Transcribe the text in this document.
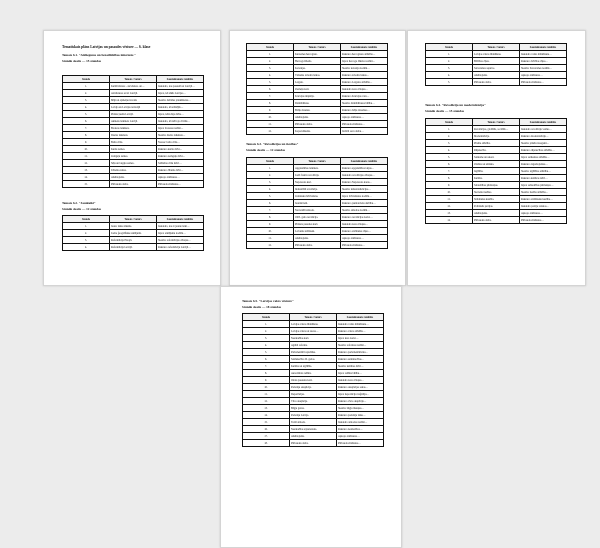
Tematiskais plāns Latvijas un pasaules vēsture — 6. klase
Temats 6.1. "Aizliegums un bezatlīdzības informāc."
Stundu skaits — 15 stundas
Stunda	Temats / Saturs	Sasniedzamais rezultāts
1.	Kultūrvēsture - aizvēsture. un…	Izskaidro, kas pasaulē un Latvijā…
2.	Aizvēstures avoti Latvijā.	Izprot, kā sākās Latvijas…
3.	Māji un apmetņu izveide	Skaidro dažādus priekšmetus…
4.	Latvija un Latvijas teritorijā	Izskaidro, kā attīstījās…
5.	Pirmie ļaudis Latvijā.	Izprot, kāda bija dzīve…
6.	Akmens laikmets Latvijā.	Izskaidro, kā dzīvoja cilvēki…
7.	Bronzas laikmets.	Izprot bronzas nozīmi…
8.	Dzelzs laikmets.	Skaidro dzelzs laikmeta…
9.	Baltu ciltis.	Nosauc baltu ciltis…
10.	Kuršu zemes.	Raksturo kuršu dzīvi…
11.	Zemgaļu zemes.	Raksturo zemgaļu dzīvi…
12.	Sēļu un latgaļu zemes.	Salīdzina cilšu dzīvi…
13.	Lībiešu zemes.	Raksturo lībiešu dzīvi…
14.	Atkārtojums.	Apkopo zināšanas…
15.	Pārbaudes darbs.	Pārbauda zināšanas…
Temats 6.2. "Jaunlaiki"
Stundu skaits — 12 stundas
Stunda	Temats / Saturs	Sasniedzamais rezultāts
1.	Jauno laiku sākums.	Izskaidro, kas ir jaunie laiki…
2.	Lielie ģeogrāfiskie atklājumi.	Izprot atklājumu nozīmi…
3.	Reformācija Eiropā.	Skaidro reformācijas cēloņus…
4.	Reformācija Latvijā.	Raksturo reformāciju Latvijā…
Stunda	Temats / Saturs	Sasniedzamais rezultāts
1.	Kurzemes hercogiste.	Raksturo hercogistes attīstību…
2.	Hercogs Jēkabs.	Izprot hercoga Jēkaba nozīmi…
3.	Kolonijas.	Skaidro koloniju nozīmi…
4.	Vidzeme zviedru laikos.	Raksturo zviedru laikus…
5.	Latgale.	Raksturo Latgales attīstību…
6.	Ziemeļu karš.	Izskaidro kara cēloņus…
7.	Krievijas impērija.	Raksturo Krievijas varu…
8.	Dzimtbūšana.	Skaidro dzimtbūšanas būtību…
9.	Brāļu draudze.	Raksturo brāļu draudzes…
10.	Atkārtojums.	Apkopo zināšanas…
11.	Pārbaudes darbs.	Pārbauda zināšanas…
12.	Kopsavilkums.	Izvērtē savu darbu…
Temats 6.3. "Revolūcijas un tiesības"
Stundu skaits — 12 stundas
Stunda	Temats / Saturs	Sasniedzamais rezultāts
1.	Apgaismības laikmets.	Raksturo apgaismības idejas…
2.	Lielā franču revolūcija.	Izskaidro revolūcijas cēloņus…
3.	Napoleona kari.	Raksturo Napoleona karus…
4.	Industriālā revolūcija.	Skaidro industrializācijas…
5.	Zemnieku brīvlaišana.	Izprot brīvlaišanas nozīmi…
6.	Jaunlatvieši.	Raksturo jaunlatviešu darbību…
7.	Nacionālā atmoda.	Skaidro atmodas nozīmi…
8.	1905. gada revolūcija.	Raksturo revolūcijas norisi…
9.	Pirmais pasaules karš.	Izskaidro kara cēloņus…
10.	Latviešu strēlnieki.	Raksturo strēlnieku cīņas…
11.	Atkārtojums.	Apkopo zināšanas…
12.	Pārbaudes darbs.	Pārbauda zināšanas…
Stunda	Temats / Saturs	Sasniedzamais rezultāts
1.	Latvijas valsts dibināšana.	Izskaidro valsts dibināšanu…
2.	Brīvības cīņas.	Raksturo brīvības cīņas…
3.	Satversmes sapulce.	Skaidro Satversmes nozīmi…
4.	Atkārtojums.	Apkopo zināšanas…
5.	Pārbaudes darbs.	Pārbauda zināšanas…
Temats 6.4. "Revolūcija un modernizācija"
Stundu skaits — 15 stundas
Stunda	Temats / Saturs	Sasniedzamais rezultāts
1.	Revolūcijas, globālās, sociālās…	Izskaidro revolūciju veidus…
2.	Modernizācija.	Raksturo modernizāciju…
3.	Pilsētu attīstība.	Skaidro pilsētu izaugsmi…
4.	Rūpniecība.	Raksturo rūpniecības attīstību…
5.	Satiksme un sakari.	Izprot satiksmes attīstību…
6.	Zinātne un tehnika.	Raksturo izgudrojumus…
7.	Izglītība.	Skaidro izglītības attīstību…
8.	Kultūra.	Raksturo kultūras dzīvi…
9.	Sabiedrības pārmaiņas.	Izprot sabiedrības pārmaiņas…
10.	Sieviešu tiesības.	Skaidro tiesību attīstību…
11.	Strādnieku kustība.	Raksturo strādnieku kustību…
12.	Politiskās partijas.	Izskaidro partiju rašanos…
13.	Atkārtojums.	Apkopo zināšanas…
14.	Pārbaudes darbs.	Pārbauda zināšanas…
Temats 6.5. "Latvijas valsts vēsture"
Stundu skaits — 18 stundas
Stunda	Temats / Saturs	Sasniedzamais rezultāts
1.	Latvijas valsts dibināšana.	Izskaidro valsts dibināšanu…
2.	Latvijas valsts un tautas…	Raksturo valsts attīstību…
3.	Neatkarības karš.	Izprot kara norisi…
4.	Agrārā reforma.	Skaidro reformas nozīmi…
5.	Parlamentārā republika.	Raksturo parlamentārismu…
6.	Saimniecība 20. gados.	Raksturo saimniecības…
7.	Kultūra un izglītība.	Skaidro kultūras dzīvi…
8.	Autoritārais režīms.	Izprot režīma būtību…
9.	Otrais pasaules karš.	Izskaidro kara cēloņus…
10.	Padomju okupācija.	Raksturo okupācijas sekas…
11.	Deportācijas.	Izprot deportāciju traģēdiju…
12.	Vācu okupācija.	Raksturo vācu okupāciju…
13.	Bēgļu gaitas.	Skaidro bēgļu likteņus…
14.	Padomju Latvija.	Raksturo padomju laiku…
15.	Trešā atmoda.	Izskaidro atmodas nozīmi…
16.	Neatkarības atjaunošana.	Raksturo neatkarības…
17.	Atkārtojums.	Apkopo zināšanas…
18.	Pārbaudes darbs.	Pārbauda zināšanas…
